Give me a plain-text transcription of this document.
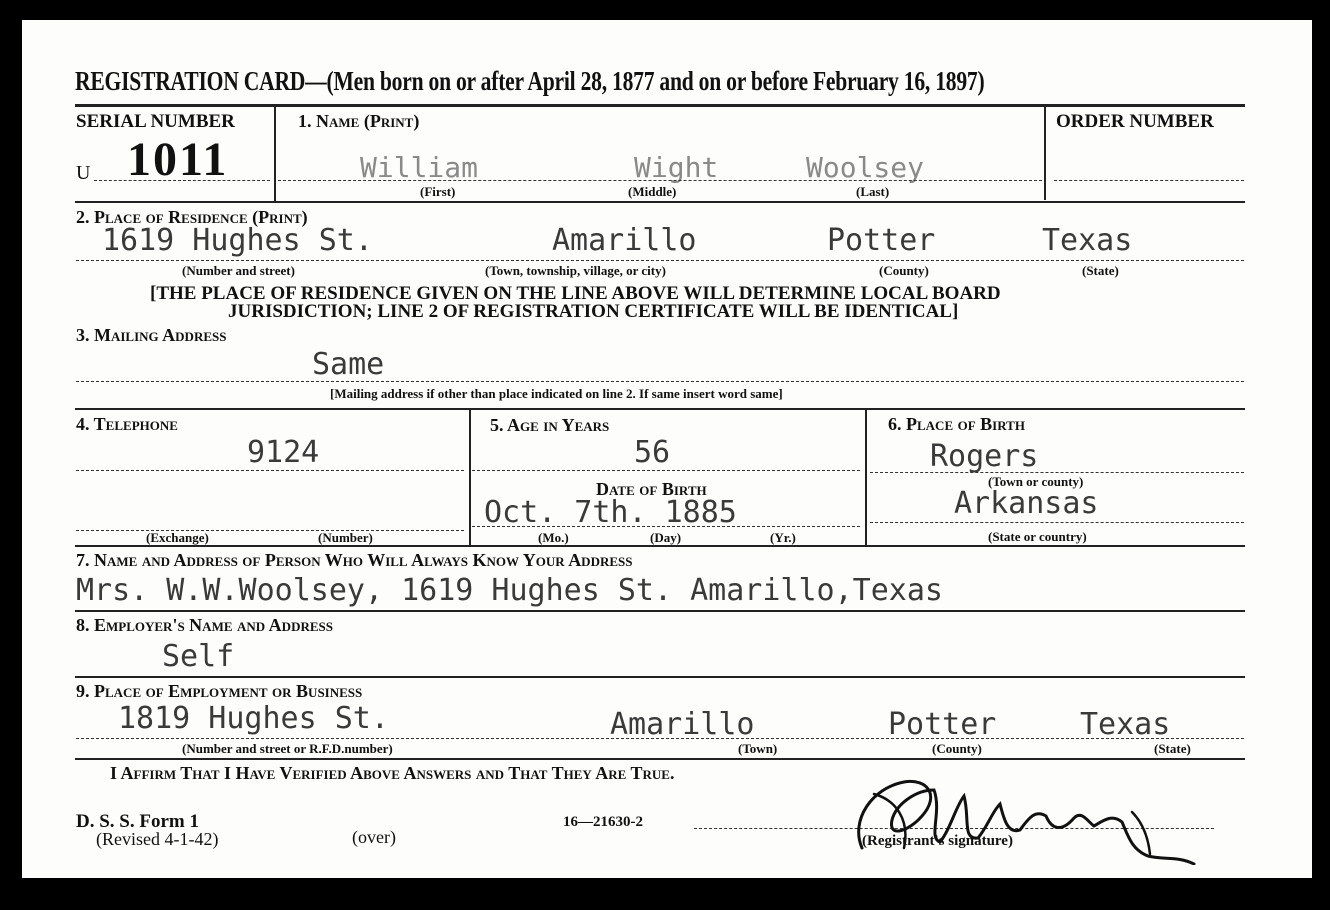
REGISTRATION CARD—(Men born on or after April 28, 1877 and on or before February 16, 1897)
SERIAL NUMBER
U 1011
1. Name (Print)
William	Wight	Woolsey
(First)	(Middle)	(Last)
ORDER NUMBER
2. Place of Residence (Print)
1619 Hughes St.	Amarillo	Potter	Texas
(Number and street)	(Town, township, village, or city)	(County)	(State)
[THE PLACE OF RESIDENCE GIVEN ON THE LINE ABOVE WILL DETERMINE LOCAL BOARD
JURISDICTION; LINE 2 OF REGISTRATION CERTIFICATE WILL BE IDENTICAL]
3. Mailing Address
Same
[Mailing address if other than place indicated on line 2. If same insert word same]
4. Telephone
9124
(Exchange)	(Number)
5. Age in Years
56
Date of Birth
Oct. 7th. 1885
(Mo.)	(Day)	(Yr.)
6. Place of Birth
Rogers
(Town or county)
Arkansas
(State or country)
7. Name and Address of Person Who Will Always Know Your Address
Mrs. W.W.Woolsey, 1619 Hughes St. Amarillo,Texas
8. Employer's Name and Address
Self
9. Place of Employment or Business
1819 Hughes St.	Amarillo	Potter	Texas
(Number and street or R.F.D.number)	(Town)	(County)	(State)
I Affirm That I Have Verified Above Answers and That They Are True.
D. S. S. Form 1
(Revised 4-1-42)	(over)
16—21630-2
(Registrant's signature)
